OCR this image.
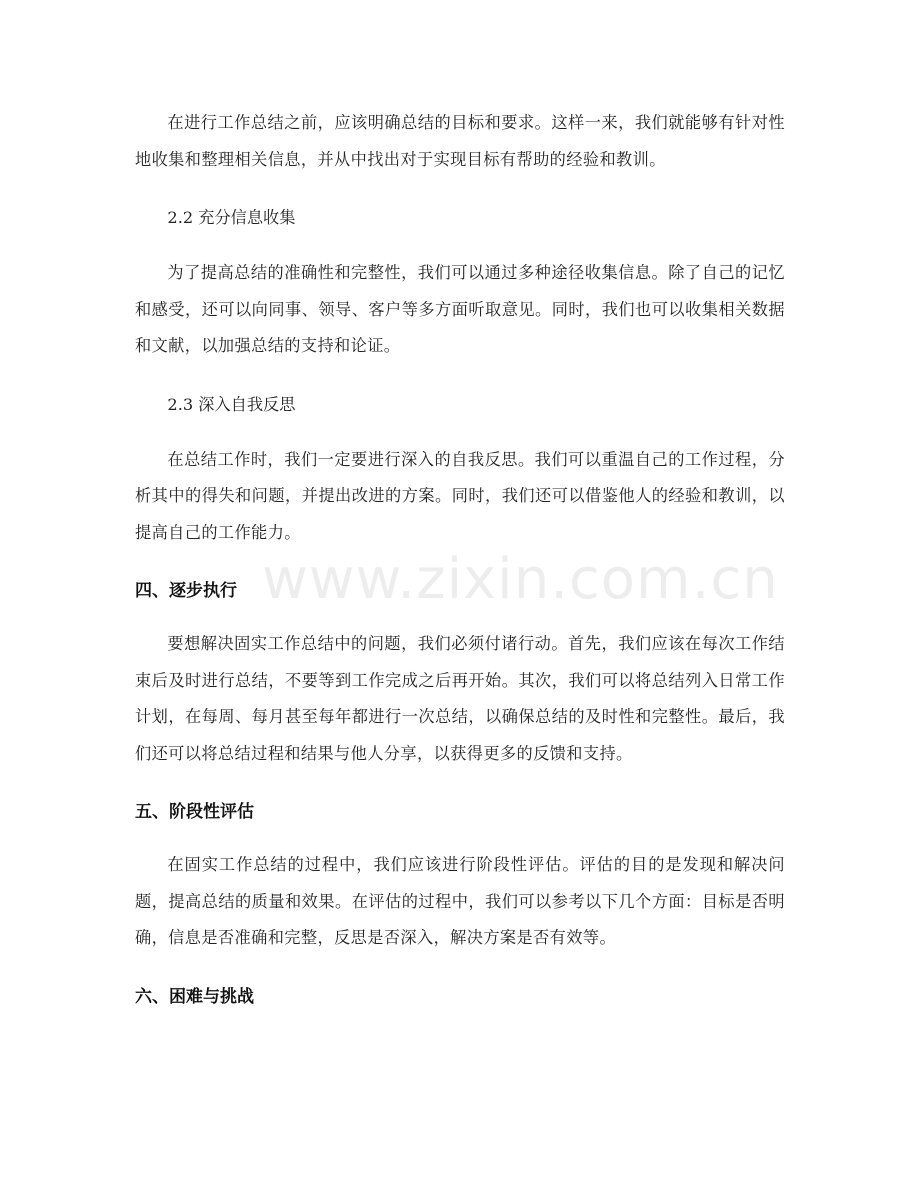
www.zixin.com.cn

在进行工作总结之前，应该明确总结的目标和要求。这样一来，我们就能够有针对性地收集和整理相关信息，并从中找出对于实现目标有帮助的经验和教训。

2.2 充分信息收集

为了提高总结的准确性和完整性，我们可以通过多种途径收集信息。除了自己的记忆和感受，还可以向同事、领导、客户等多方面听取意见。同时，我们也可以收集相关数据和文献，以加强总结的支持和论证。

2.3 深入自我反思

在总结工作时，我们一定要进行深入的自我反思。我们可以重温自己的工作过程，分析其中的得失和问题，并提出改进的方案。同时，我们还可以借鉴他人的经验和教训，以提高自己的工作能力。

四、逐步执行

要想解决固实工作总结中的问题，我们必须付诸行动。首先，我们应该在每次工作结束后及时进行总结，不要等到工作完成之后再开始。其次，我们可以将总结列入日常工作计划，在每周、每月甚至每年都进行一次总结，以确保总结的及时性和完整性。最后，我们还可以将总结过程和结果与他人分享，以获得更多的反馈和支持。

五、阶段性评估

在固实工作总结的过程中，我们应该进行阶段性评估。评估的目的是发现和解决问题，提高总结的质量和效果。在评估的过程中，我们可以参考以下几个方面：目标是否明确，信息是否准确和完整，反思是否深入，解决方案是否有效等。

六、困难与挑战
